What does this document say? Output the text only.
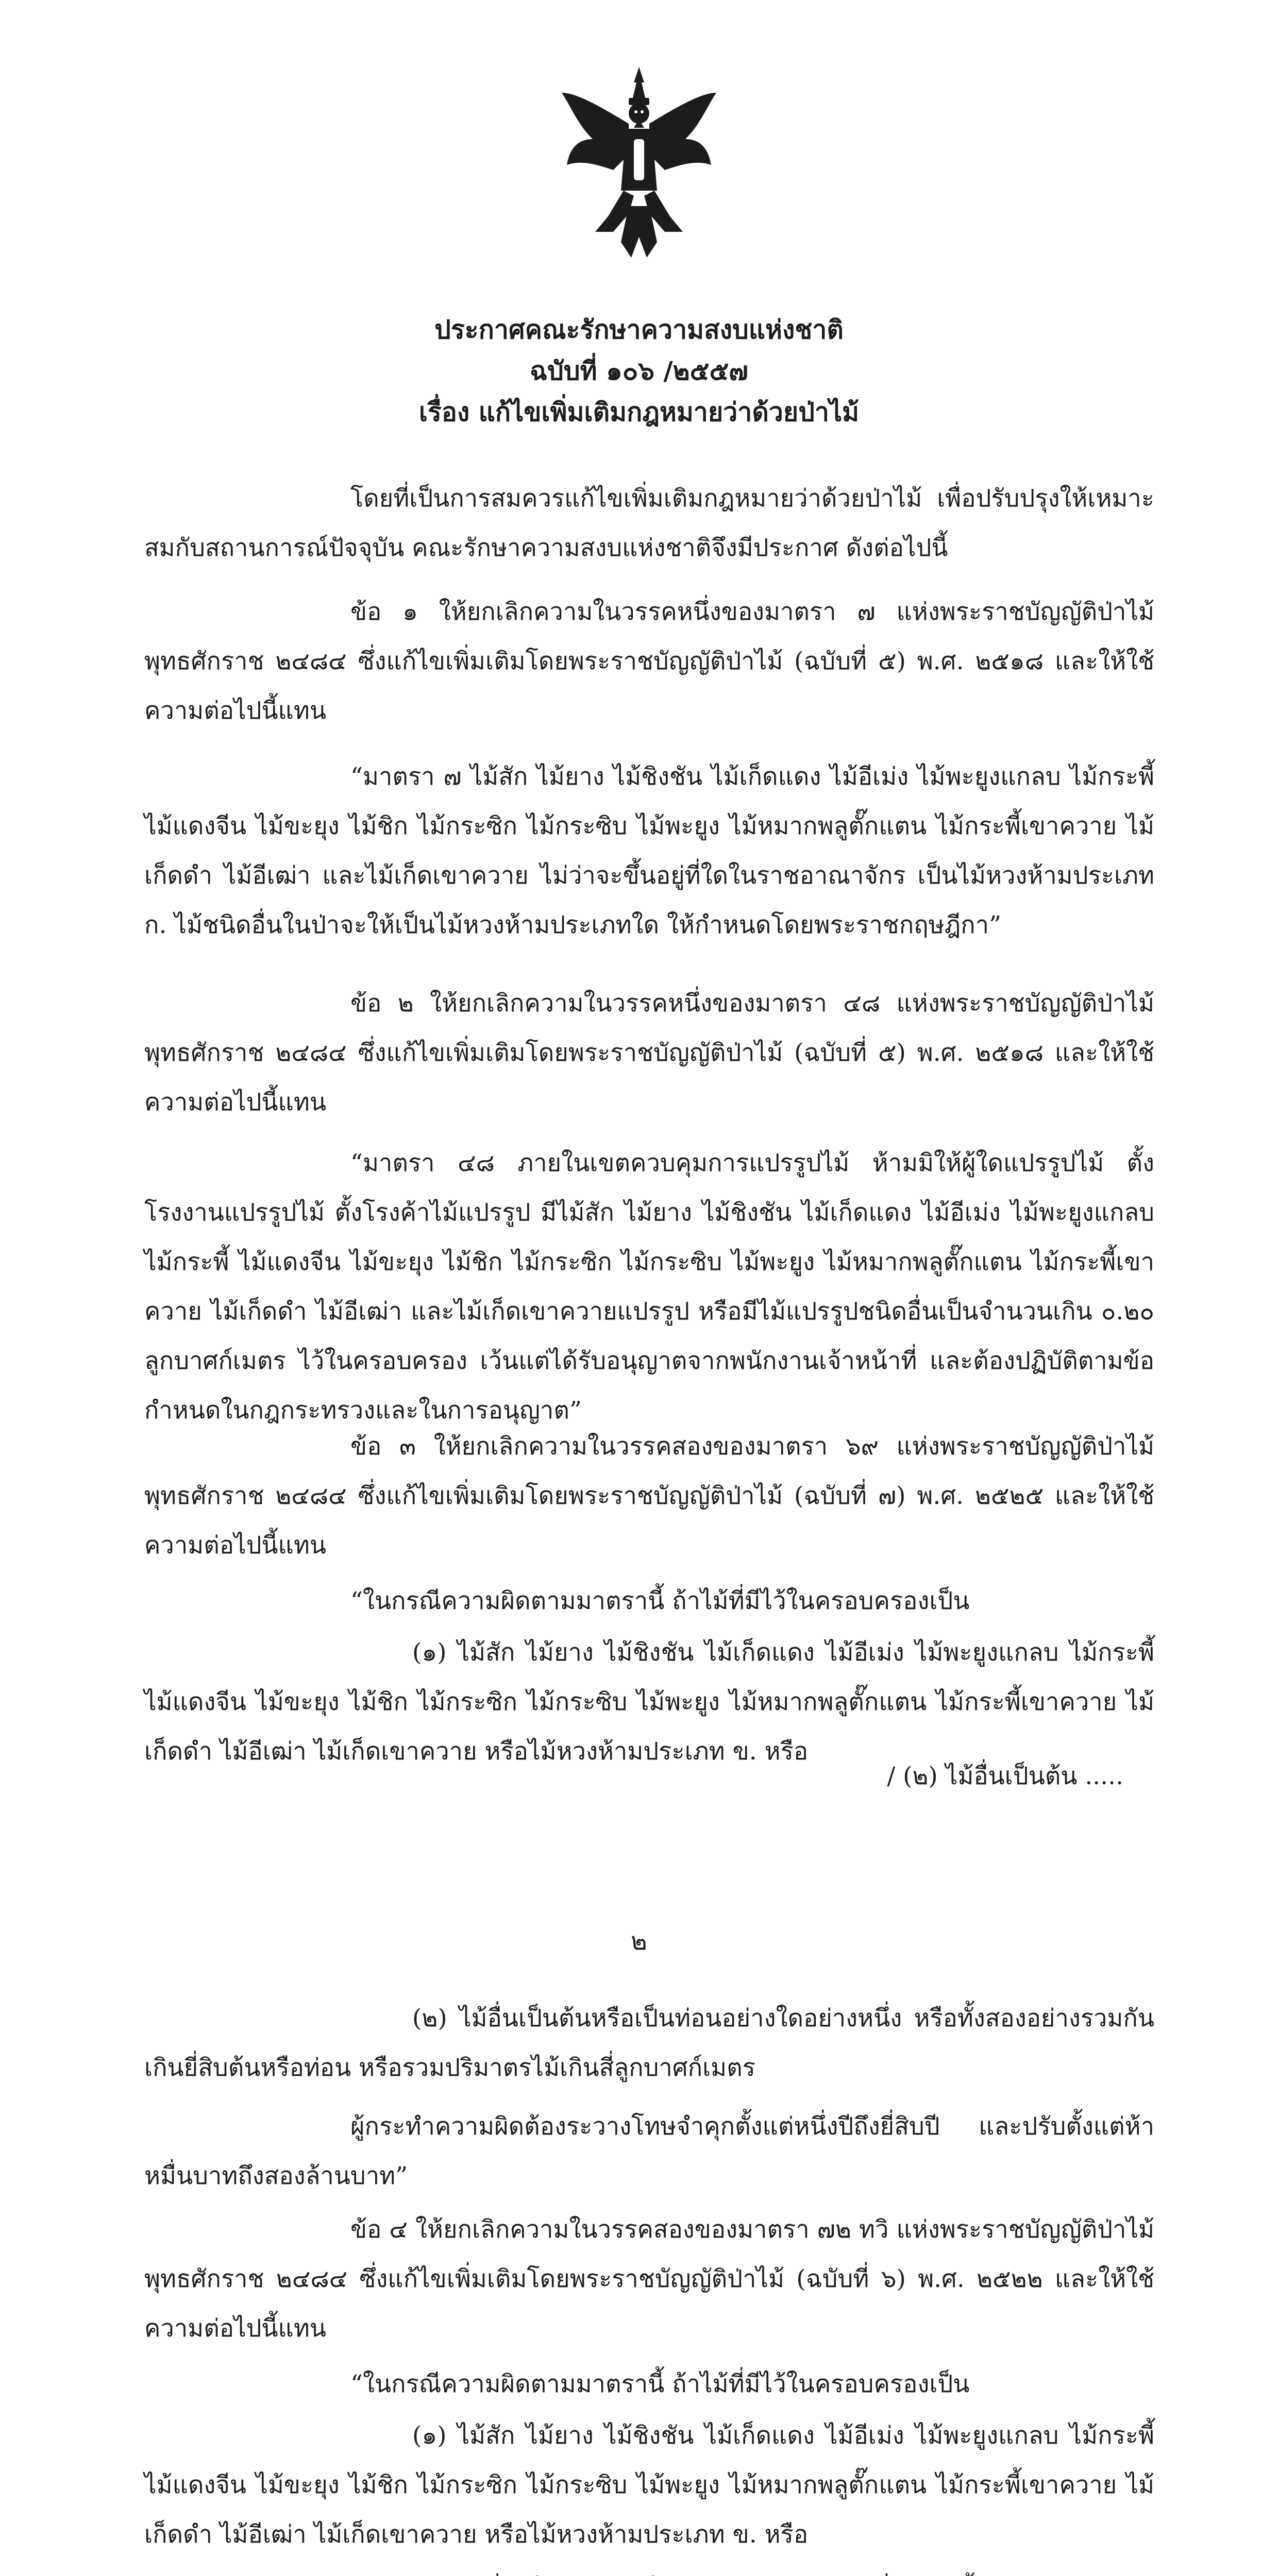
ประกาศคณะรักษาความสงบแห่งชาติ
ฉบับที่ ๑๐๖ /๒๕๕๗
เรื่อง แก้ไขเพิ่มเติมกฎหมายว่าด้วยป่าไม้
โดยที่เป็นการสมควรแก้ไขเพิ่มเติมกฎหมายว่าด้วยป่าไม้ เพื่อปรับปรุงให้เหมาะสมกับสถานการณ์ปัจจุบัน คณะรักษาความสงบแห่งชาติจึงมีประกาศ ดังต่อไปนี้
ข้อ ๑ ให้ยกเลิกความในวรรคหนึ่งของมาตรา ๗ แห่งพระราชบัญญัติป่าไม้ พุทธศักราช ๒๔๘๔ ซึ่งแก้ไขเพิ่มเติมโดยพระราชบัญญัติป่าไม้ (ฉบับที่ ๕) พ.ศ. ๒๕๑๘ และให้ใช้ความต่อไปนี้แทน
“มาตรา ๗ ไม้สัก ไม้ยาง ไม้ชิงชัน ไม้เก็ดแดง ไม้อีเม่ง ไม้พะยูงแกลบ ไม้กระพี้ ไม้แดงจีน ไม้ขะยุง ไม้ชิก ไม้กระซิก ไม้กระซิบ ไม้พะยูง ไม้หมากพลูตั๊กแตน ไม้กระพี้เขาควาย ไม้เก็ดดำ ไม้อีเฒ่า และไม้เก็ดเขาควาย ไม่ว่าจะขึ้นอยู่ที่ใดในราชอาณาจักร เป็นไม้หวงห้ามประเภท ก. ไม้ชนิดอื่นในป่าจะให้เป็นไม้หวงห้ามประเภทใด ให้กำหนดโดยพระราชกฤษฎีกา”
ข้อ ๒ ให้ยกเลิกความในวรรคหนึ่งของมาตรา ๔๘ แห่งพระราชบัญญัติป่าไม้ พุทธศักราช ๒๔๘๔ ซึ่งแก้ไขเพิ่มเติมโดยพระราชบัญญัติป่าไม้ (ฉบับที่ ๕) พ.ศ. ๒๕๑๘ และให้ใช้ความต่อไปนี้แทน
“มาตรา ๔๘ ภายในเขตควบคุมการแปรรูปไม้ ห้ามมิให้ผู้ใดแปรรูปไม้ ตั้งโรงงานแปรรูปไม้ ตั้งโรงค้าไม้แปรรูป มีไม้สัก ไม้ยาง ไม้ชิงชัน ไม้เก็ดแดง ไม้อีเม่ง ไม้พะยูงแกลบ ไม้กระพี้ ไม้แดงจีน ไม้ขะยุง ไม้ชิก ไม้กระซิก ไม้กระซิบ ไม้พะยูง ไม้หมากพลูตั๊กแตน ไม้กระพี้เขาควาย ไม้เก็ดดำ ไม้อีเฒ่า และไม้เก็ดเขาควายแปรรูป หรือมีไม้แปรรูปชนิดอื่นเป็นจำนวนเกิน ๐.๒๐ ลูกบาศก์เมตร ไว้ในครอบครอง เว้นแต่ได้รับอนุญาตจากพนักงานเจ้าหน้าที่ และต้องปฏิบัติตามข้อกำหนดในกฎกระทรวงและในการอนุญาต”
ข้อ ๓ ให้ยกเลิกความในวรรคสองของมาตรา ๖๙ แห่งพระราชบัญญัติป่าไม้ พุทธศักราช ๒๔๘๔ ซึ่งแก้ไขเพิ่มเติมโดยพระราชบัญญัติป่าไม้ (ฉบับที่ ๗) พ.ศ. ๒๕๒๕ และให้ใช้ความต่อไปนี้แทน
“ในกรณีความผิดตามมาตรานี้ ถ้าไม้ที่มีไว้ในครอบครองเป็น
(๑) ไม้สัก ไม้ยาง ไม้ชิงชัน ไม้เก็ดแดง ไม้อีเม่ง ไม้พะยูงแกลบ ไม้กระพี้ ไม้แดงจีน ไม้ขะยุง ไม้ชิก ไม้กระซิก ไม้กระซิบ ไม้พะยูง ไม้หมากพลูตั๊กแตน ไม้กระพี้เขาควาย ไม้เก็ดดำ ไม้อีเฒ่า ไม้เก็ดเขาควาย หรือไม้หวงห้ามประเภท ข. หรือ
/ (๒) ไม้อื่นเป็นต้น .....
๒
(๒) ไม้อื่นเป็นต้นหรือเป็นท่อนอย่างใดอย่างหนึ่ง หรือทั้งสองอย่างรวมกันเกินยี่สิบต้นหรือท่อน หรือรวมปริมาตรไม้เกินสี่ลูกบาศก์เมตร
ผู้กระทำความผิดต้องระวางโทษจำคุกตั้งแต่หนึ่งปีถึงยี่สิบปี และปรับตั้งแต่ห้าหมื่นบาทถึงสองล้านบาท”
ข้อ ๔ ให้ยกเลิกความในวรรคสองของมาตรา ๗๒ ทวิ แห่งพระราชบัญญัติป่าไม้ พุทธศักราช ๒๔๘๔ ซึ่งแก้ไขเพิ่มเติมโดยพระราชบัญญัติป่าไม้ (ฉบับที่ ๖) พ.ศ. ๒๕๒๒ และให้ใช้ความต่อไปนี้แทน
“ในกรณีความผิดตามมาตรานี้ ถ้าไม้ที่มีไว้ในครอบครองเป็น
(๑) ไม้สัก ไม้ยาง ไม้ชิงชัน ไม้เก็ดแดง ไม้อีเม่ง ไม้พะยูงแกลบ ไม้กระพี้ ไม้แดงจีน ไม้ขะยุง ไม้ชิก ไม้กระซิก ไม้กระซิบ ไม้พะยูง ไม้หมากพลูตั๊กแตน ไม้กระพี้เขาควาย ไม้เก็ดดำ ไม้อีเฒ่า ไม้เก็ดเขาควาย หรือไม้หวงห้ามประเภท ข. หรือ
